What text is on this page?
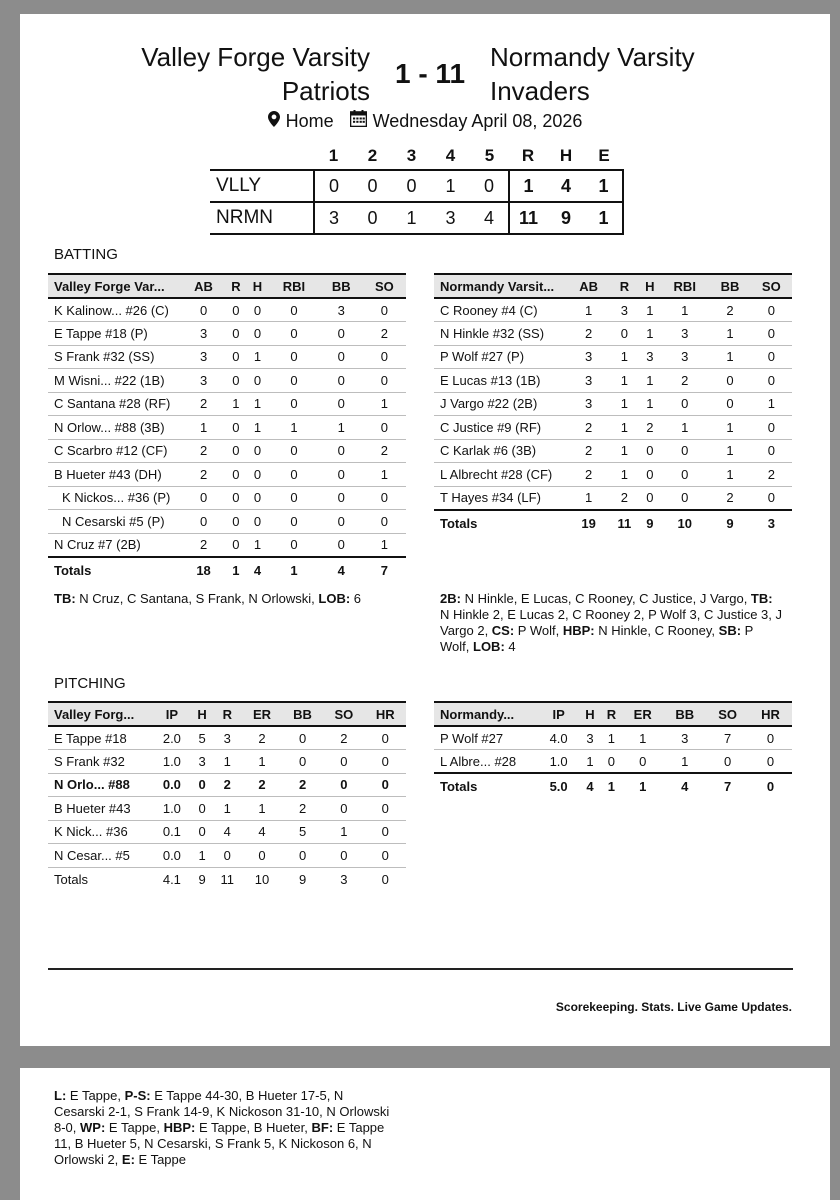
Valley Forge Varsity
Patriots
1 - 11
Normandy Varsity
Invaders
Home Wednesday April 08, 2026
	1	2	3	4	5	R	H	E
VLLY	0	0	0	1	0	1	4	1
NRMN	3	0	1	3	4	11	9	1
BATTING
Valley Forge Var...	AB	R	H	RBI	BB	SO
K Kalinow... #26 (C)	0	0	0	0	3	0
E Tappe #18 (P)	3	0	0	0	0	2
S Frank #32 (SS)	3	0	1	0	0	0
M Wisni... #22 (1B)	3	0	0	0	0	0
C Santana #28 (RF)	2	1	1	0	0	1
N Orlow... #88 (3B)	1	0	1	1	1	0
C Scarbro #12 (CF)	2	0	0	0	0	2
B Hueter #43 (DH)	2	0	0	0	0	1
K Nickos... #36 (P)	0	0	0	0	0	0
N Cesarski #5 (P)	0	0	0	0	0	0
N Cruz #7 (2B)	2	0	1	0	0	1
Totals	18	1	4	1	4	7
Normandy Varsit...	AB	R	H	RBI	BB	SO
C Rooney #4 (C)	1	3	1	1	2	0
N Hinkle #32 (SS)	2	0	1	3	1	0
P Wolf #27 (P)	3	1	3	3	1	0
E Lucas #13 (1B)	3	1	1	2	0	0
J Vargo #22 (2B)	3	1	1	0	0	1
C Justice #9 (RF)	2	1	2	1	1	0
C Karlak #6 (3B)	2	1	0	0	1	0
L Albrecht #28 (CF)	2	1	0	0	1	2
T Hayes #34 (LF)	1	2	0	0	2	0
Totals	19	11	9	10	9	3
TB: N Cruz, C Santana, S Frank, N Orlowski, LOB: 6	2B: N Hinkle, E Lucas, C Rooney, C Justice, J Vargo, TB: N Hinkle 2, E Lucas 2, C Rooney 2, P Wolf 3, C Justice 3, J Vargo 2, CS: P Wolf, HBP: N Hinkle, C Rooney, SB: P Wolf, LOB: 4
PITCHING
Valley Forg...	IP	H	R	ER	BB	SO	HR
E Tappe #18	2.0	5	3	2	0	2	0
S Frank #32	1.0	3	1	1	0	0	0
N Orlo... #88	0.0	0	2	2	2	0	0
B Hueter #43	1.0	0	1	1	2	0	0
K Nick... #36	0.1	0	4	4	5	1	0
N Cesar... #5	0.0	1	0	0	0	0	0
Totals	4.1	9	11	10	9	3	0
Normandy...	IP	H	R	ER	BB	SO	HR
P Wolf #27	4.0	3	1	1	3	7	0
L Albre... #28	1.0	1	0	0	1	0	0
Totals	5.0	4	1	1	4	7	0
Scorekeeping. Stats. Live Game Updates.
L: E Tappe, P-S: E Tappe 44-30, B Hueter 17-5, N Cesarski 2-1, S Frank 14-9, K Nickoson 31-10, N Orlowski 8-0, WP: E Tappe, HBP: E Tappe, B Hueter, BF: E Tappe 11, B Hueter 5, N Cesarski, S Frank 5, K Nickoson 6, N Orlowski 2, E: E Tappe
